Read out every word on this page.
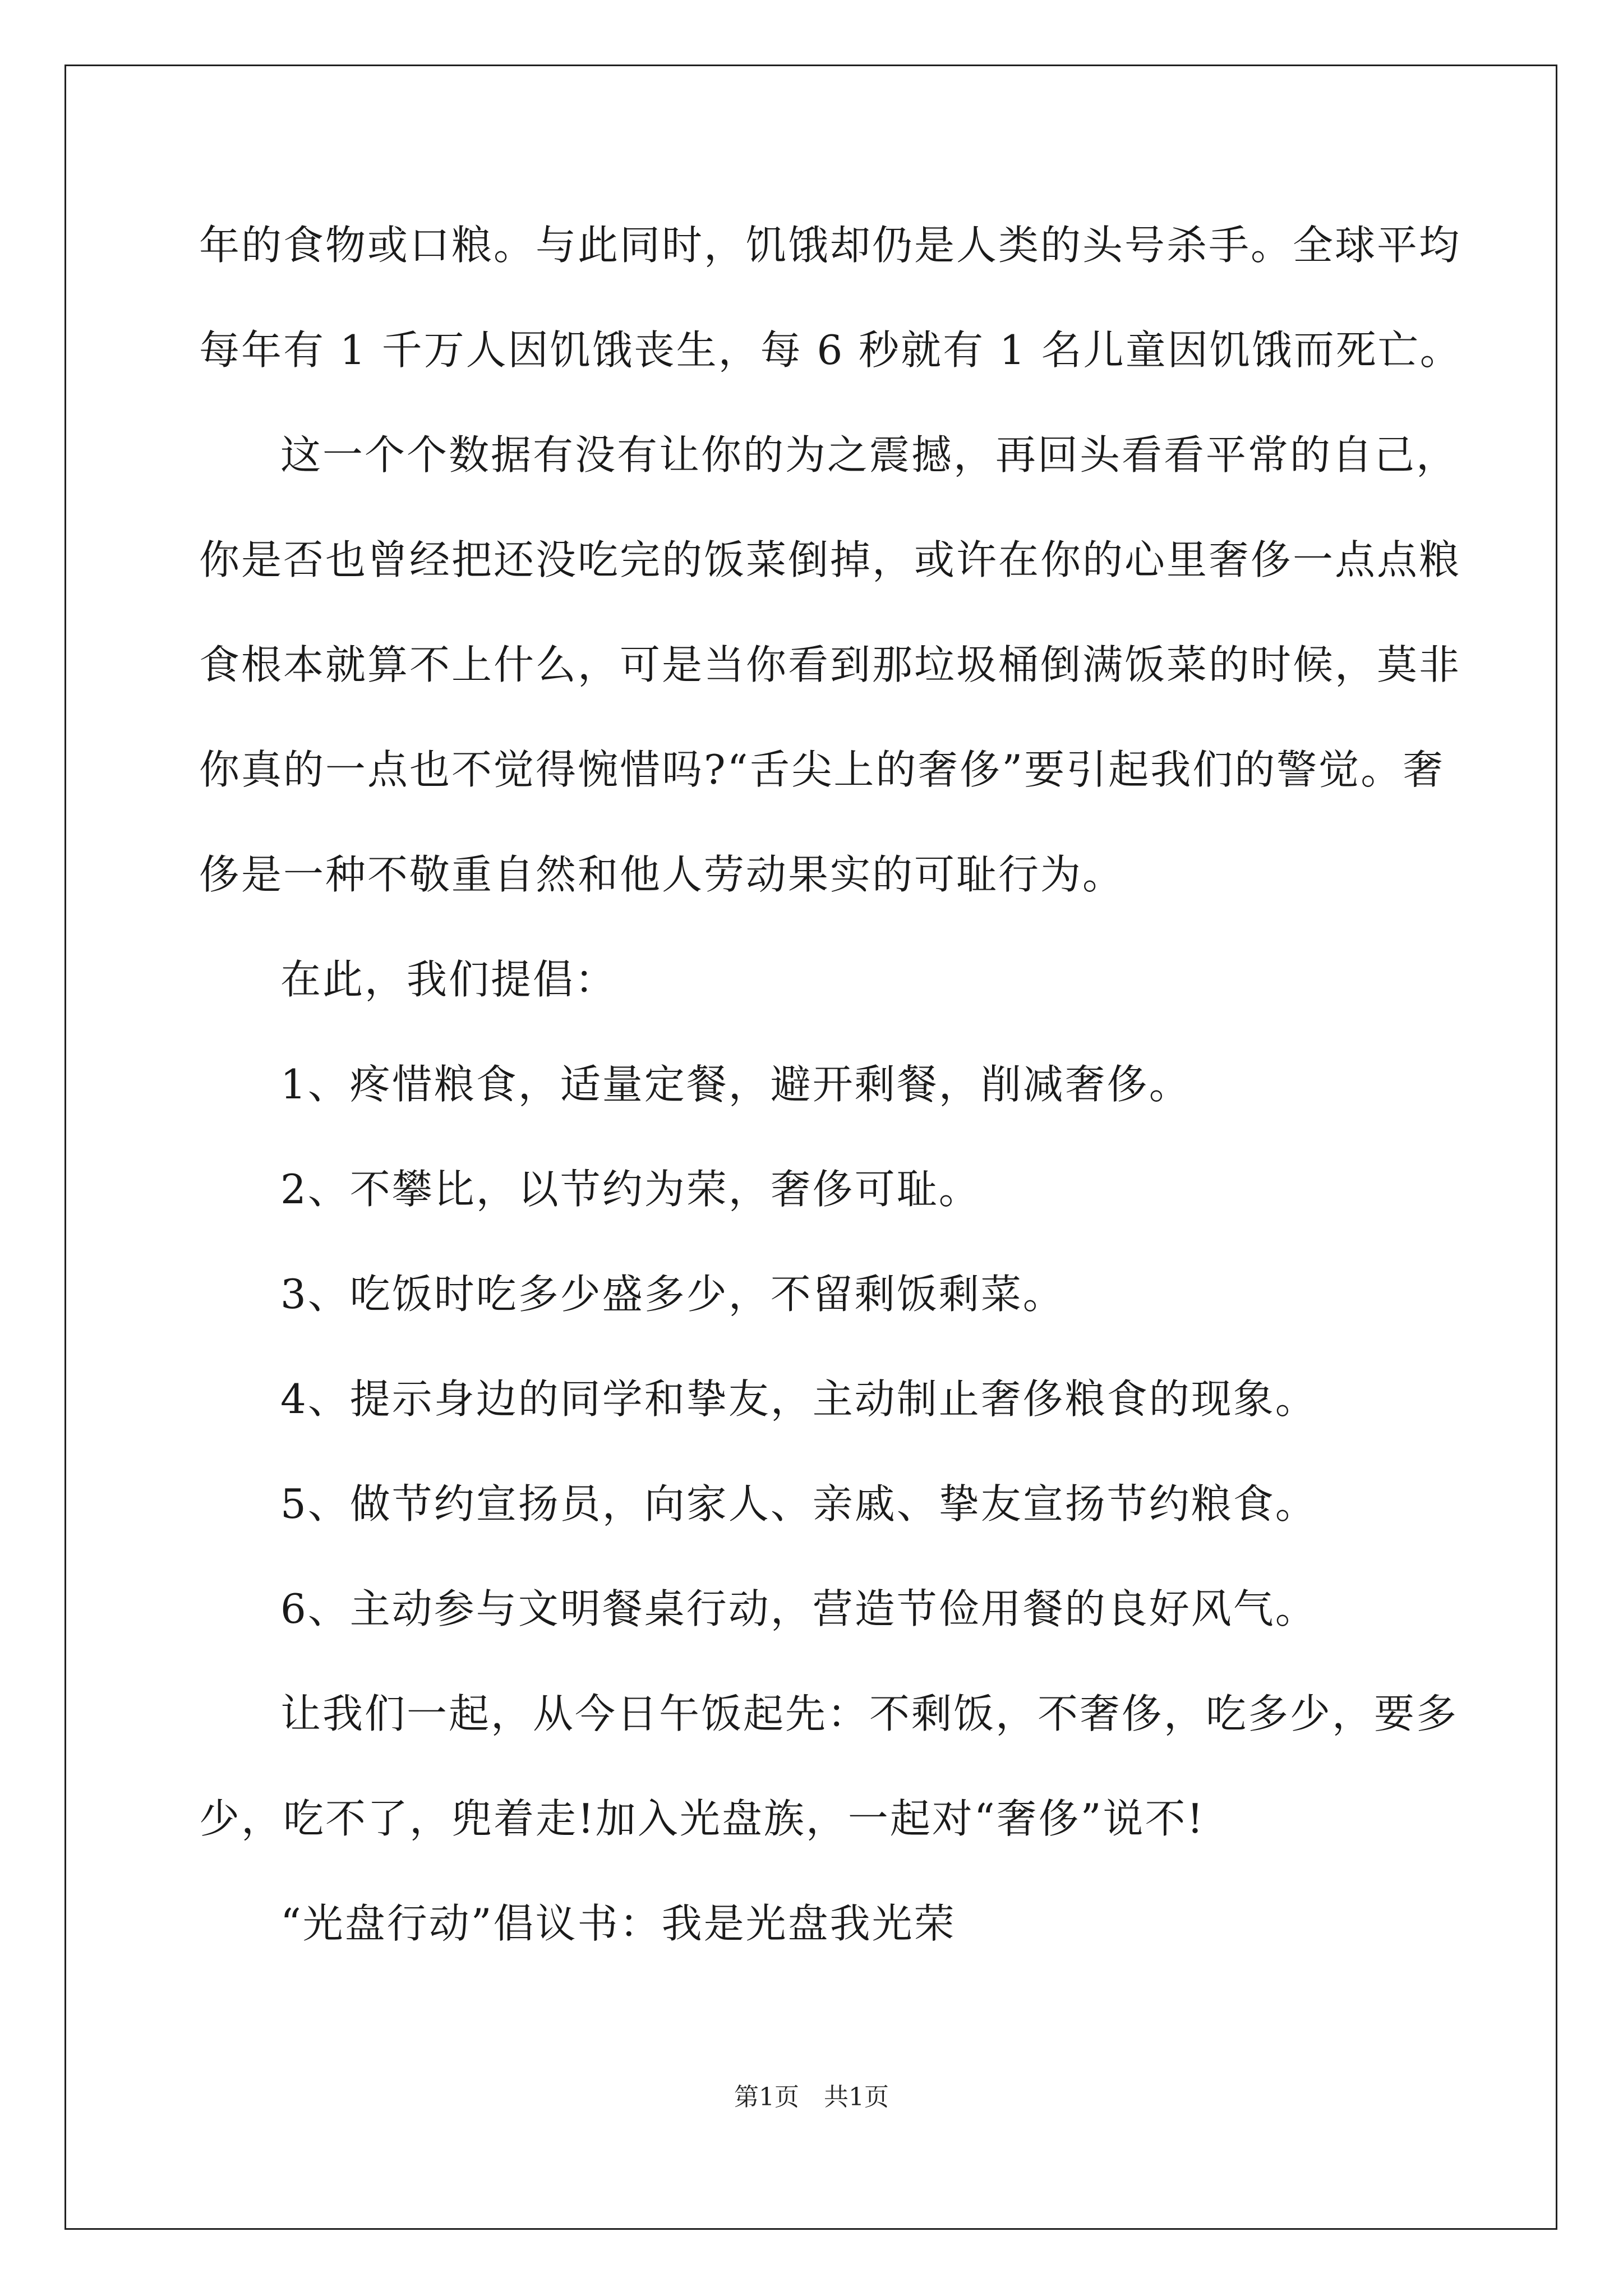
年的食物或口粮。与此同时，饥饿却仍是人类的头号杀手。全球平均
每年有 1 千万人因饥饿丧生，每 6 秒就有 1 名儿童因饥饿而死亡。
这一个个数据有没有让你的为之震撼，再回头看看平常的自己，
你是否也曾经把还没吃完的饭菜倒掉，或许在你的心里奢侈一点点粮
食根本就算不上什么，可是当你看到那垃圾桶倒满饭菜的时候，莫非
你真的一点也不觉得惋惜吗?“舌尖上的奢侈”要引起我们的警觉。奢
侈是一种不敬重自然和他人劳动果实的可耻行为。
在此，我们提倡：
1、疼惜粮食，适量定餐，避开剩餐，削减奢侈。
2、不攀比，以节约为荣，奢侈可耻。
3、吃饭时吃多少盛多少，不留剩饭剩菜。
4、提示身边的同学和挚友，主动制止奢侈粮食的现象。
5、做节约宣扬员，向家人、亲戚、挚友宣扬节约粮食。
6、主动参与文明餐桌行动，营造节俭用餐的良好风气。
让我们一起，从今日午饭起先：不剩饭，不奢侈，吃多少，要多
少，吃不了，兜着走!加入光盘族，一起对“奢侈”说不!
“光盘行动”倡议书：我是光盘我光荣
第1页　共1页
